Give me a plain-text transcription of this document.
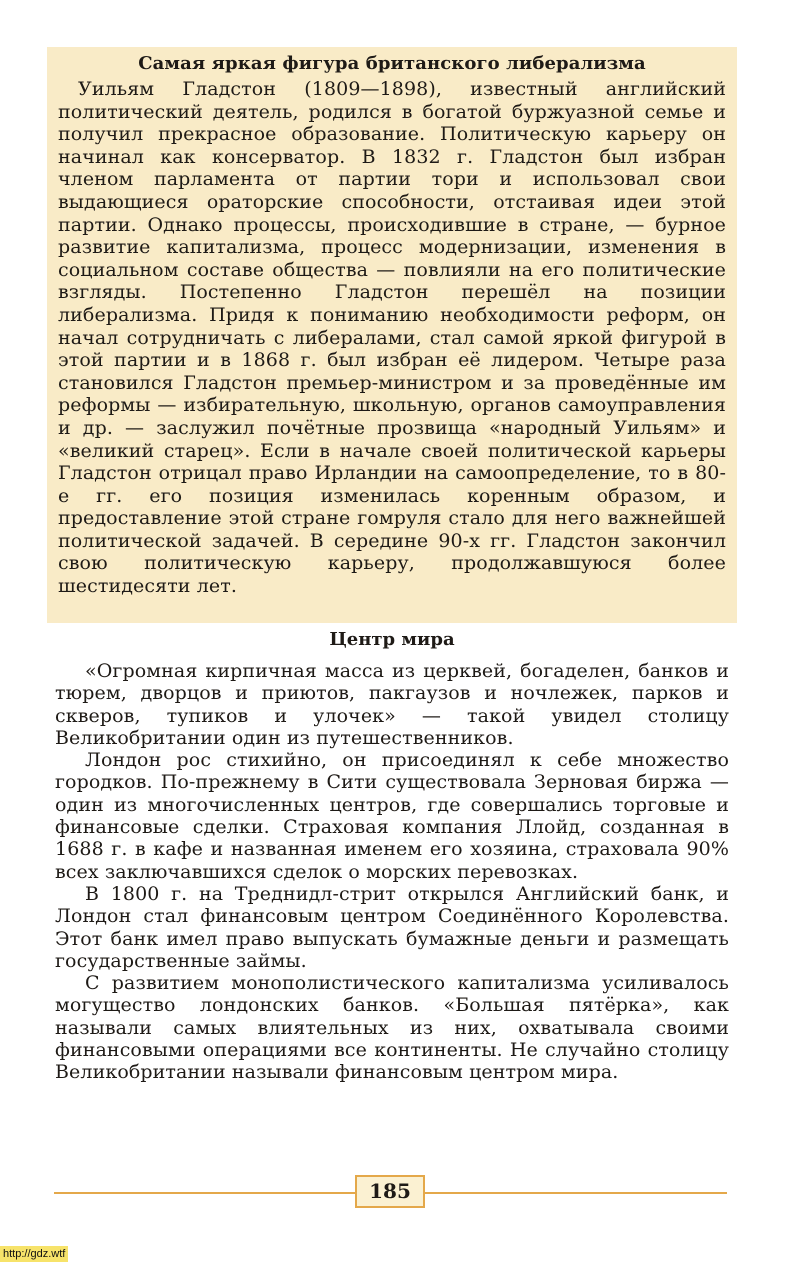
Самая яркая фигура британского либерализма

Уильям Гладстон (1809—1898), известный английский политический деятель, родился в богатой буржуазной семье и получил прекрасное образование. Политическую карьеру он начинал как консерватор. В 1832 г. Гладстон был избран членом парламента от партии тори и использовал свои выдающиеся ораторские способности, отстаивая идеи этой партии. Однако процессы, происходившие в стране, — бурное развитие капитализма, процесс модернизации, изменения в социальном составе общества — повлияли на его политические взгляды. Постепенно Гладстон перешёл на позиции либерализма. Придя к пониманию необходимости реформ, он начал сотрудничать с либералами, стал самой яркой фигурой в этой партии и в 1868 г. был избран её лидером. Четыре раза становился Гладстон премьер-министром и за проведённые им реформы — избирательную, школьную, органов самоуправления и др. — заслужил почётные прозвища «народный Уильям» и «великий старец». Если в начале своей политической карьеры Гладстон отрицал право Ирландии на самоопределение, то в 80-е гг. его позиция изменилась коренным образом, и предоставление этой стране гомруля стало для него важнейшей политической задачей. В середине 90-х гг. Гладстон закончил свою политическую карьеру, продолжавшуюся более шестидесяти лет.

Центр мира

«Огромная кирпичная масса из церквей, богаделен, банков и тюрем, дворцов и приютов, пакгаузов и ночлежек, парков и скверов, тупиков и улочек» — такой увидел столицу Великобритании один из путешественников.

Лондон рос стихийно, он присоединял к себе множество городков. По-прежнему в Сити существовала Зерновая биржа — один из многочисленных центров, где совершались торговые и финансовые сделки. Страховая компания Ллойд, созданная в 1688 г. в кафе и названная именем его хозяина, страховала 90% всех заключавшихся сделок о морских перевозках.

В 1800 г. на Треднидл-стрит открылся Английский банк, и Лондон стал финансовым центром Соединённого Королевства. Этот банк имел право выпускать бумажные деньги и размещать государственные займы.

С развитием монополистического капитализма усиливалось могущество лондонских банков. «Большая пятёрка», как называли самых влиятельных из них, охватывала своими финансовыми операциями все континенты. Не случайно столицу Великобритании называли финансовым центром мира.

185
http://gdz.wtf
